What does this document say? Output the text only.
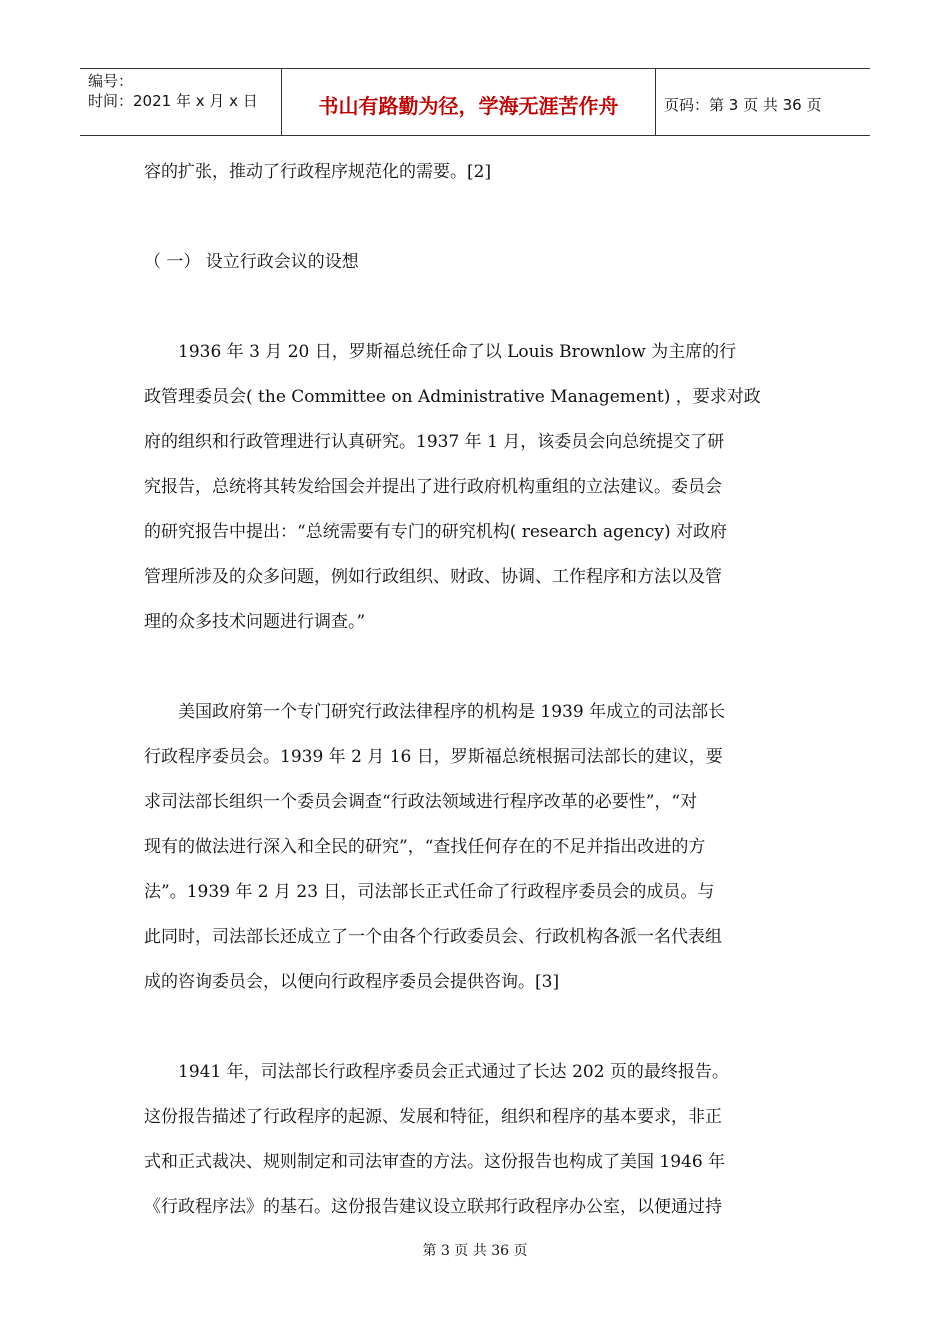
编号：
时间：2021 年 x 月 x 日	书山有路勤为径，学海无涯苦作舟	页码：第 3 页 共 36 页
容的扩张，推动了行政程序规范化的需要。[2]
（ 一） 设立行政会议的设想
　　1936 年 3 月 20 日，罗斯福总统任命了以 Louis Brownlow 为主席的行
政管理委员会( the Committee on Administrative Management) ，要求对政
府的组织和行政管理进行认真研究。1937 年 1 月，该委员会向总统提交了研
究报告，总统将其转发给国会并提出了进行政府机构重组的立法建议。委员会
的研究报告中提出：“总统需要有专门的研究机构( research agency) 对政府
管理所涉及的众多问题，例如行政组织、财政、协调、工作程序和方法以及管
理的众多技术问题进行调查。”
　　美国政府第一个专门研究行政法律程序的机构是 1939 年成立的司法部长
行政程序委员会。1939 年 2 月 16 日，罗斯福总统根据司法部长的建议，要
求司法部长组织一个委员会调查“行政法领域进行程序改革的必要性”，“对
现有的做法进行深入和全民的研究”，“查找任何存在的不足并指出改进的方
法”。1939 年 2 月 23 日，司法部长正式任命了行政程序委员会的成员。与
此同时，司法部长还成立了一个由各个行政委员会、行政机构各派一名代表组
成的咨询委员会，以便向行政程序委员会提供咨询。[3]
　　1941 年，司法部长行政程序委员会正式通过了长达 202 页的最终报告。
这份报告描述了行政程序的起源、发展和特征，组织和程序的基本要求，非正
式和正式裁决、规则制定和司法审查的方法。这份报告也构成了美国 1946 年
《行政程序法》的基石。这份报告建议设立联邦行政程序办公室，以便通过持
第 3 页 共 36 页
